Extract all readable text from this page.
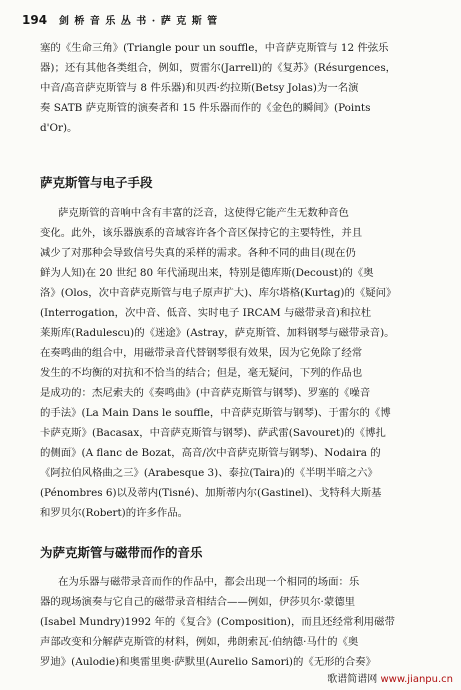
194 剑 桥 音 乐 丛 书 · 萨 克 斯 管
塞的《生命三角》(Triangle pour un souffle，中音萨克斯管与 12 件弦乐
器)；还有其他各类组合，例如，贾雷尔(Jarrell)的《复苏》(Résurgences，
中音/高音萨克斯管与 8 件乐器)和贝西·约拉斯(Betsy Jolas)为一名演
奏 SATB 萨克斯管的演奏者和 15 件乐器而作的《金色的瞬间》(Points
d'Or)。
萨克斯管与电子手段
萨克斯管的音响中含有丰富的泛音，这使得它能产生无数种音色
变化。此外，该乐器族系的音域容许各个音区保持它的主要特性，并且
减少了对那种会导致信号失真的采样的需求。各种不同的曲目(现在仍
鲜为人知)在 20 世纪 80 年代涌现出来，特别是德库斯(Decoust)的《奥
洛》(Olos，次中音萨克斯管与电子原声扩大)、库尔塔格(Kurtag)的《疑问》
(Interrogation，次中音、低音、实时电子 IRCAM 与磁带录音)和拉杜
莱斯库(Radulescu)的《迷途》(Astray，萨克斯管、加料钢琴与磁带录音)。
在奏鸣曲的组合中，用磁带录音代替钢琴很有效果，因为它免除了经常
发生的不均衡的对抗和不恰当的结合；但是，毫无疑问，下列的作品也
是成功的：杰尼索夫的《奏鸣曲》(中音萨克斯管与钢琴)、罗塞的《噪音
的手法》(La Main Dans le souffle，中音萨克斯管与钢琴)、于雷尔的《博
卡萨克斯》(Bacasax，中音萨克斯管与钢琴)、萨武雷(Savouret)的《博扎
的侧面》(A flanc de Bozat，高音/次中音萨克斯管与钢琴)、Nodaira 的
《阿拉伯风格曲之三》(Arabesque 3)、泰拉(Taira)的《半明半暗之六》
(Pénombres 6)以及蒂内(Tisné)、加斯蒂内尔(Gastinel)、戈特科大斯基
和罗贝尔(Robert)的许多作品。
为萨克斯管与磁带而作的音乐
在为乐器与磁带录音而作的作品中，都会出现一个相同的场面：乐
器的现场演奏与它自己的磁带录音相结合——例如，伊莎贝尔·蒙德里
(Isabel Mundry)1992 年的《复合》(Composition)，而且还经常利用磁带
声部改变和分解萨克斯管的材料，例如，弗朗索瓦·伯纳德·马什的《奥
罗迪》(Aulodie)和奥雷里奥·萨默里(Aurelio Samori)的《无形的合奏》
歌谱简谱网 www.jianpu.cn
